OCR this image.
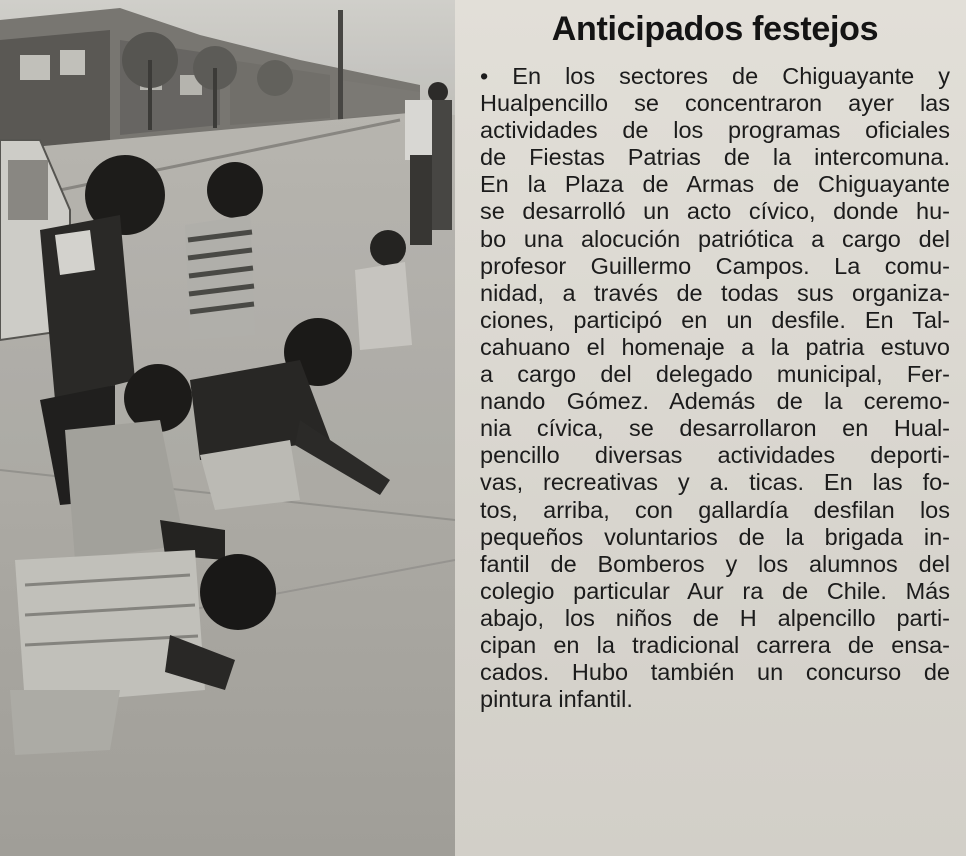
Anticipados festejos
• En los sectores de Chiguayante y
Hualpencillo se concentraron ayer las
actividades de los programas oficiales
de Fiestas Patrias de la intercomuna.
En la Plaza de Armas de Chiguayante
se desarrolló un acto cívico, donde hu-
bo una alocución patriótica a cargo del
profesor Guillermo Campos. La comu-
nidad, a través de todas sus organiza-
ciones, participó en un desfile. En Tal-
cahuano el homenaje a la patria estuvo
a cargo del delegado municipal, Fer-
nando Gómez. Además de la ceremo-
nia cívica, se desarrollaron en Hual-
pencillo diversas actividades deporti-
vas, recreativas y a. ticas. En las fo-
tos, arriba, con gallardía desfilan los
pequeños voluntarios de la brigada in-
fantil de Bomberos y los alumnos del
colegio particular Aur ra de Chile. Más
abajo, los niños de H alpencillo parti-
cipan en la tradicional carrera de ensa-
cados. Hubo también un concurso de
pintura infantil.
